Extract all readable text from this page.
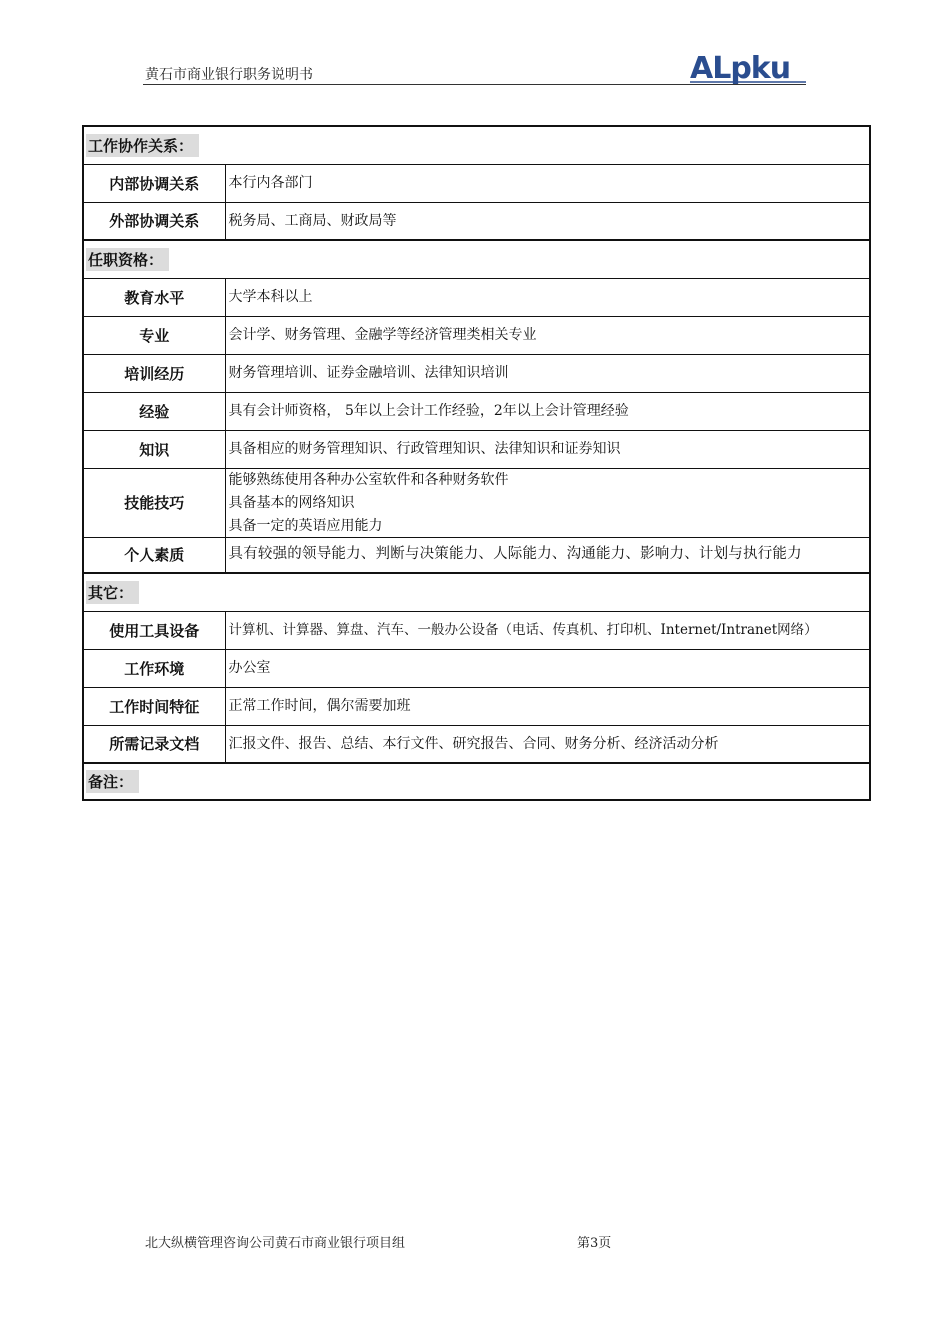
黄石市商业银行职务说明书	ALpku
工作协作关系：	
内部协调关系	本行内各部门
外部协调关系	税务局、工商局、财政局等
任职资格：	
教育水平	大学本科以上
专业	会计学、财务管理、金融学等经济管理类相关专业
培训经历	财务管理培训、证券金融培训、法律知识培训
经验	具有会计师资格， 5年以上会计工作经验，2年以上会计管理经验
知识	具备相应的财务管理知识、行政管理知识、法律知识和证券知识
技能技巧	能够熟练使用各种办公室软件和各种财务软件
具备基本的网络知识
具备一定的英语应用能力

个人素质	具有较强的领导能力、判断与决策能力、人际能力、沟通能力、影响力、计划与执行能力
其它：	
使用工具设备	计算机、计算器、算盘、汽车、一般办公设备（电话、传真机、打印机、Internet/Intranet网络）
工作环境	办公室
工作时间特征	正常工作时间，偶尔需要加班
所需记录文档	汇报文件、报告、总结、本行文件、研究报告、合同、财务分析、经济活动分析
备注：	
北大纵横管理咨询公司黄石市商业银行项目组	第3页
